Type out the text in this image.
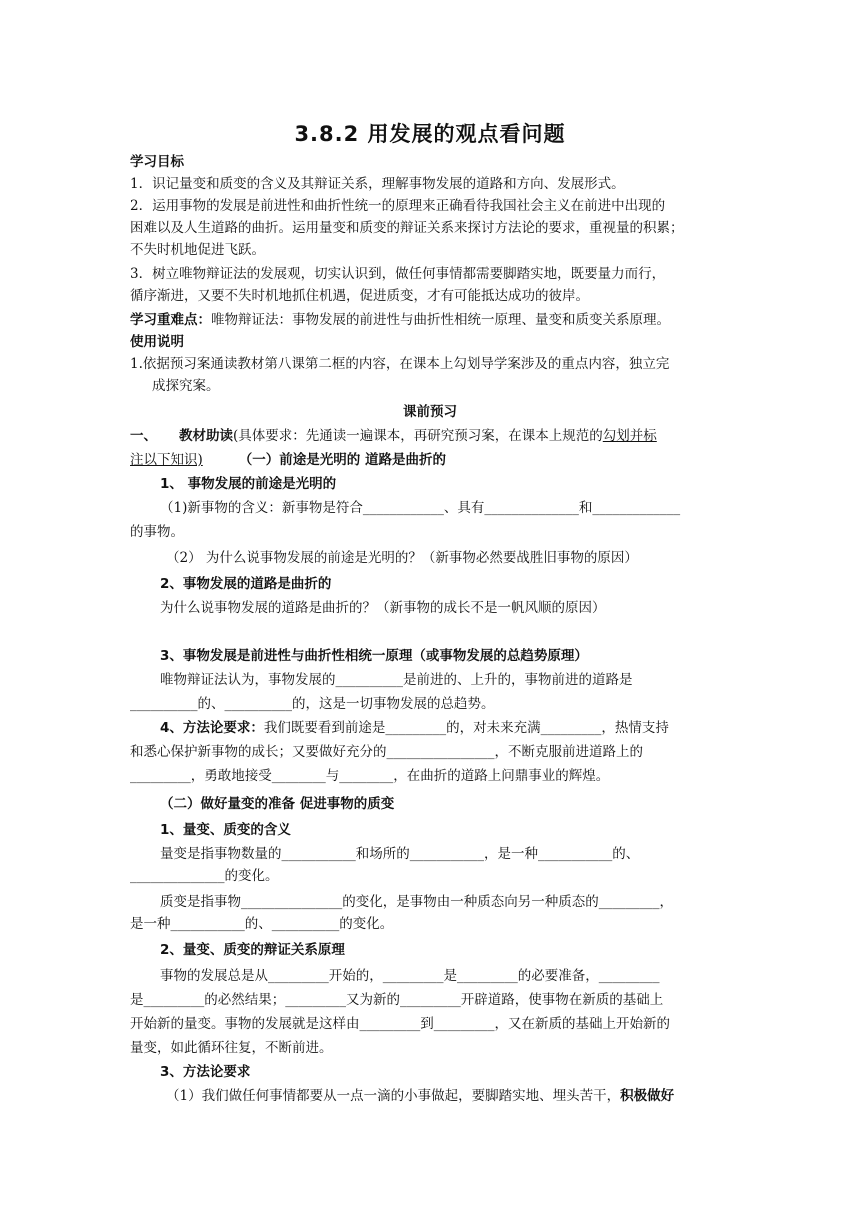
3.8.2 用发展的观点看问题
学习目标
1．识记量变和质变的含义及其辩证关系，理解事物发展的道路和方向、发展形式。
2．运用事物的发展是前进性和曲折性统一的原理来正确看待我国社会主义在前进中出现的
困难以及人生道路的曲折。运用量变和质变的辩证关系来探讨方法论的要求，重视量的积累；
不失时机地促进飞跃。
3．树立唯物辩证法的发展观，切实认识到，做任何事情都需要脚踏实地，既要量力而行，
循序渐进，又要不失时机地抓住机遇，促进质变，才有可能抵达成功的彼岸。
学习重难点：唯物辩证法：事物发展的前进性与曲折性相统一原理、量变和质变关系原理。
使用说明
1.依据预习案通读教材第八课第二框的内容，在课本上勾划导学案涉及的重点内容，独立完
成探究案。
课前预习
一、 教材助读(具体要求：先通读一遍课本，再研究预习案，在课本上规范的勾划并标
注以下知识)	（一）前途是光明的 道路是曲折的
1、 事物发展的前途是光明的
（1)新事物的含义：新事物是符合____________、具有______________和_____________
的事物。
（2） 为什么说事物发展的前途是光明的？（新事物必然要战胜旧事物的原因）
2、事物发展的道路是曲折的
为什么说事物发展的道路是曲折的？（新事物的成长不是一帆风顺的原因）
3、事物发展是前进性与曲折性相统一原理（或事物发展的总趋势原理）
唯物辩证法认为，事物发展的__________是前进的、上升的，事物前进的道路是
__________的、__________的，这是一切事物发展的总趋势。
4、方法论要求：我们既要看到前途是_________的，对未来充满_________，热情支持
和悉心保护新事物的成长；又要做好充分的________________，不断克服前进道路上的
_________，勇敢地接受________与________，在曲折的道路上问鼎事业的辉煌。
（二）做好量变的准备 促进事物的质变
1、量变、质变的含义
量变是指事物数量的___________和场所的___________，是一种___________的、
______________的变化。
质变是指事物_______________的变化，是事物由一种质态向另一种质态的_________，
是一种___________的、__________的变化。
2、量变、质变的辩证关系原理
事物的发展总是从_________开始的，_________是_________的必要准备，_________
是_________的必然结果；_________又为新的_________开辟道路，使事物在新质的基础上
开始新的量变。事物的发展就是这样由_________到_________，又在新质的基础上开始新的
量变，如此循环往复，不断前进。
3、方法论要求
（1）我们做任何事情都要从一点一滴的小事做起，要脚踏实地、埋头苦干，积极做好
